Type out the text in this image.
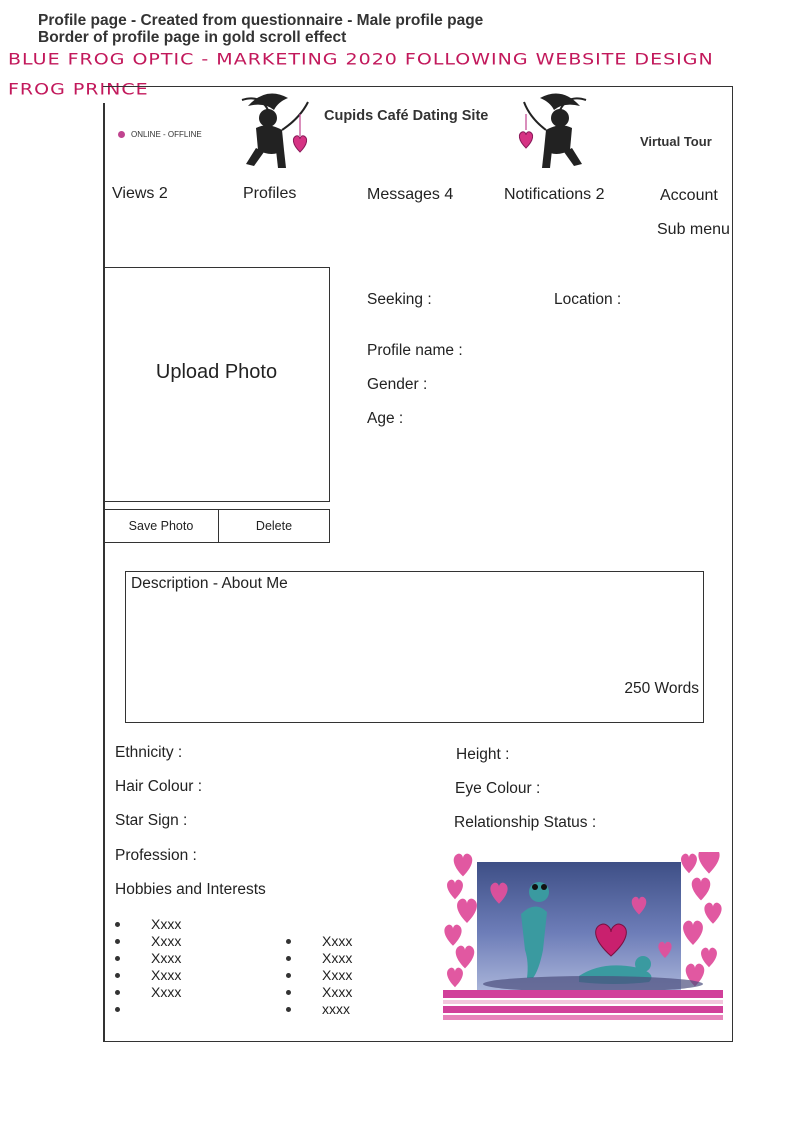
Profile page - Created from questionnaire - Male profile page
Border of profile page in gold scroll effect
BLUE FROG OPTIC - MARKETING 2020 FOLLOWING WEBSITE DESIGN
FROG PRINCE
Cupids Café Dating Site
ONLINE - OFFLINE	Virtual Tour
Views 2	Profiles	Messages 4	Notifications 2	Account
Sub menu
Upload Photo
Save Photo	Delete
Seeking :	Location :
Profile name :
Gender :
Age :
Description - About Me
250 Words
Ethnicity :	Height :
Hair Colour :	Eye Colour :
Star Sign :	Relationship Status :
Profession :
Hobbies and Interests
Xxxx
Xxxx
Xxxx
Xxxx
Xxxx
Xxxx
Xxxx
Xxxx
Xxxx
xxxx
